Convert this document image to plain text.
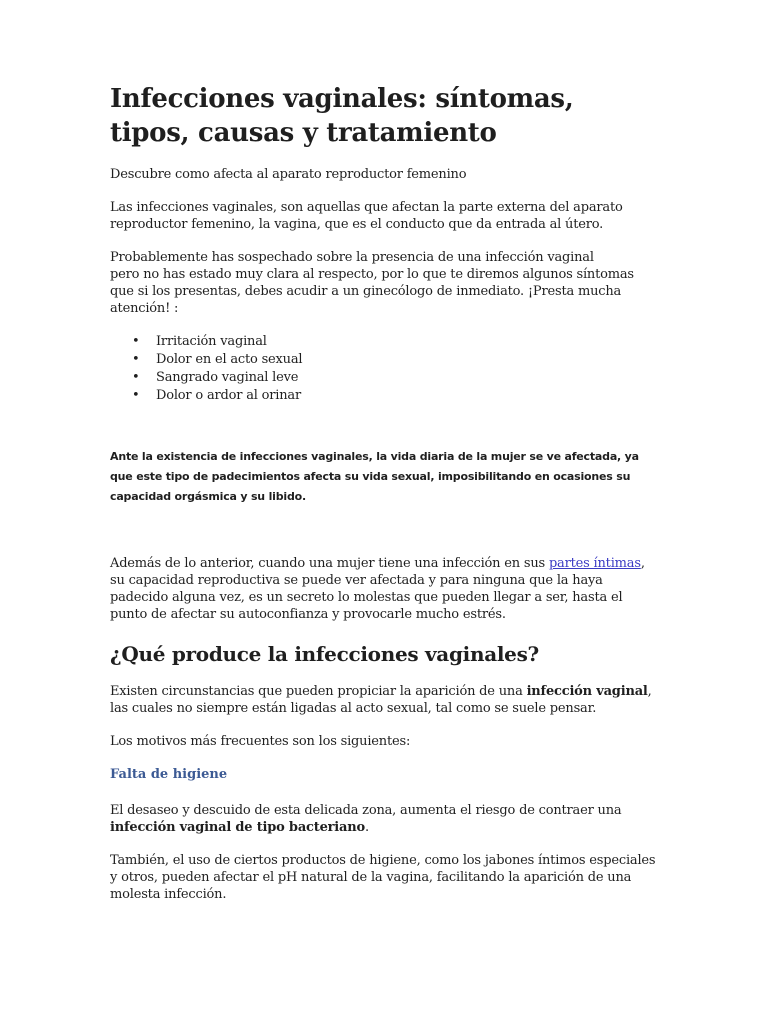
Infecciones vaginales: síntomas, tipos, causas y tratamiento

Descubre como afecta al aparato reproductor femenino

Las infecciones vaginales, son aquellas que afectan la parte externa del aparato reproductor femenino, la vagina, que es el conducto que da entrada al útero.

Probablemente has sospechado sobre la presencia de una infección vaginal
pero no has estado muy clara al respecto, por lo que te diremos algunos síntomas que si los presentas, debes acudir a un ginecólogo de inmediato. ¡Presta mucha atención! :

• Irritación vaginal
• Dolor en el acto sexual
• Sangrado vaginal leve
• Dolor o ardor al orinar

Ante la existencia de infecciones vaginales, la vida diaria de la mujer se ve afectada, ya que este tipo de padecimientos afecta su vida sexual, imposibilitando en ocasiones su capacidad orgásmica y su libido.

Además de lo anterior, cuando una mujer tiene una infección en sus partes íntimas, su capacidad reproductiva se puede ver afectada y para ninguna que la haya padecido alguna vez, es un secreto lo molestas que pueden llegar a ser, hasta el punto de afectar su autoconfianza y provocarle mucho estrés.

¿Qué produce la infecciones vaginales?

Existen circunstancias que pueden propiciar la aparición de una infección vaginal, las cuales no siempre están ligadas al acto sexual, tal como se suele pensar.

Los motivos más frecuentes son los siguientes:

Falta de higiene

El desaseo y descuido de esta delicada zona, aumenta el riesgo de contraer una infección vaginal de tipo bacteriano.

También, el uso de ciertos productos de higiene, como los jabones íntimos especiales y otros, pueden afectar el pH natural de la vagina, facilitando la aparición de una molesta infección.
